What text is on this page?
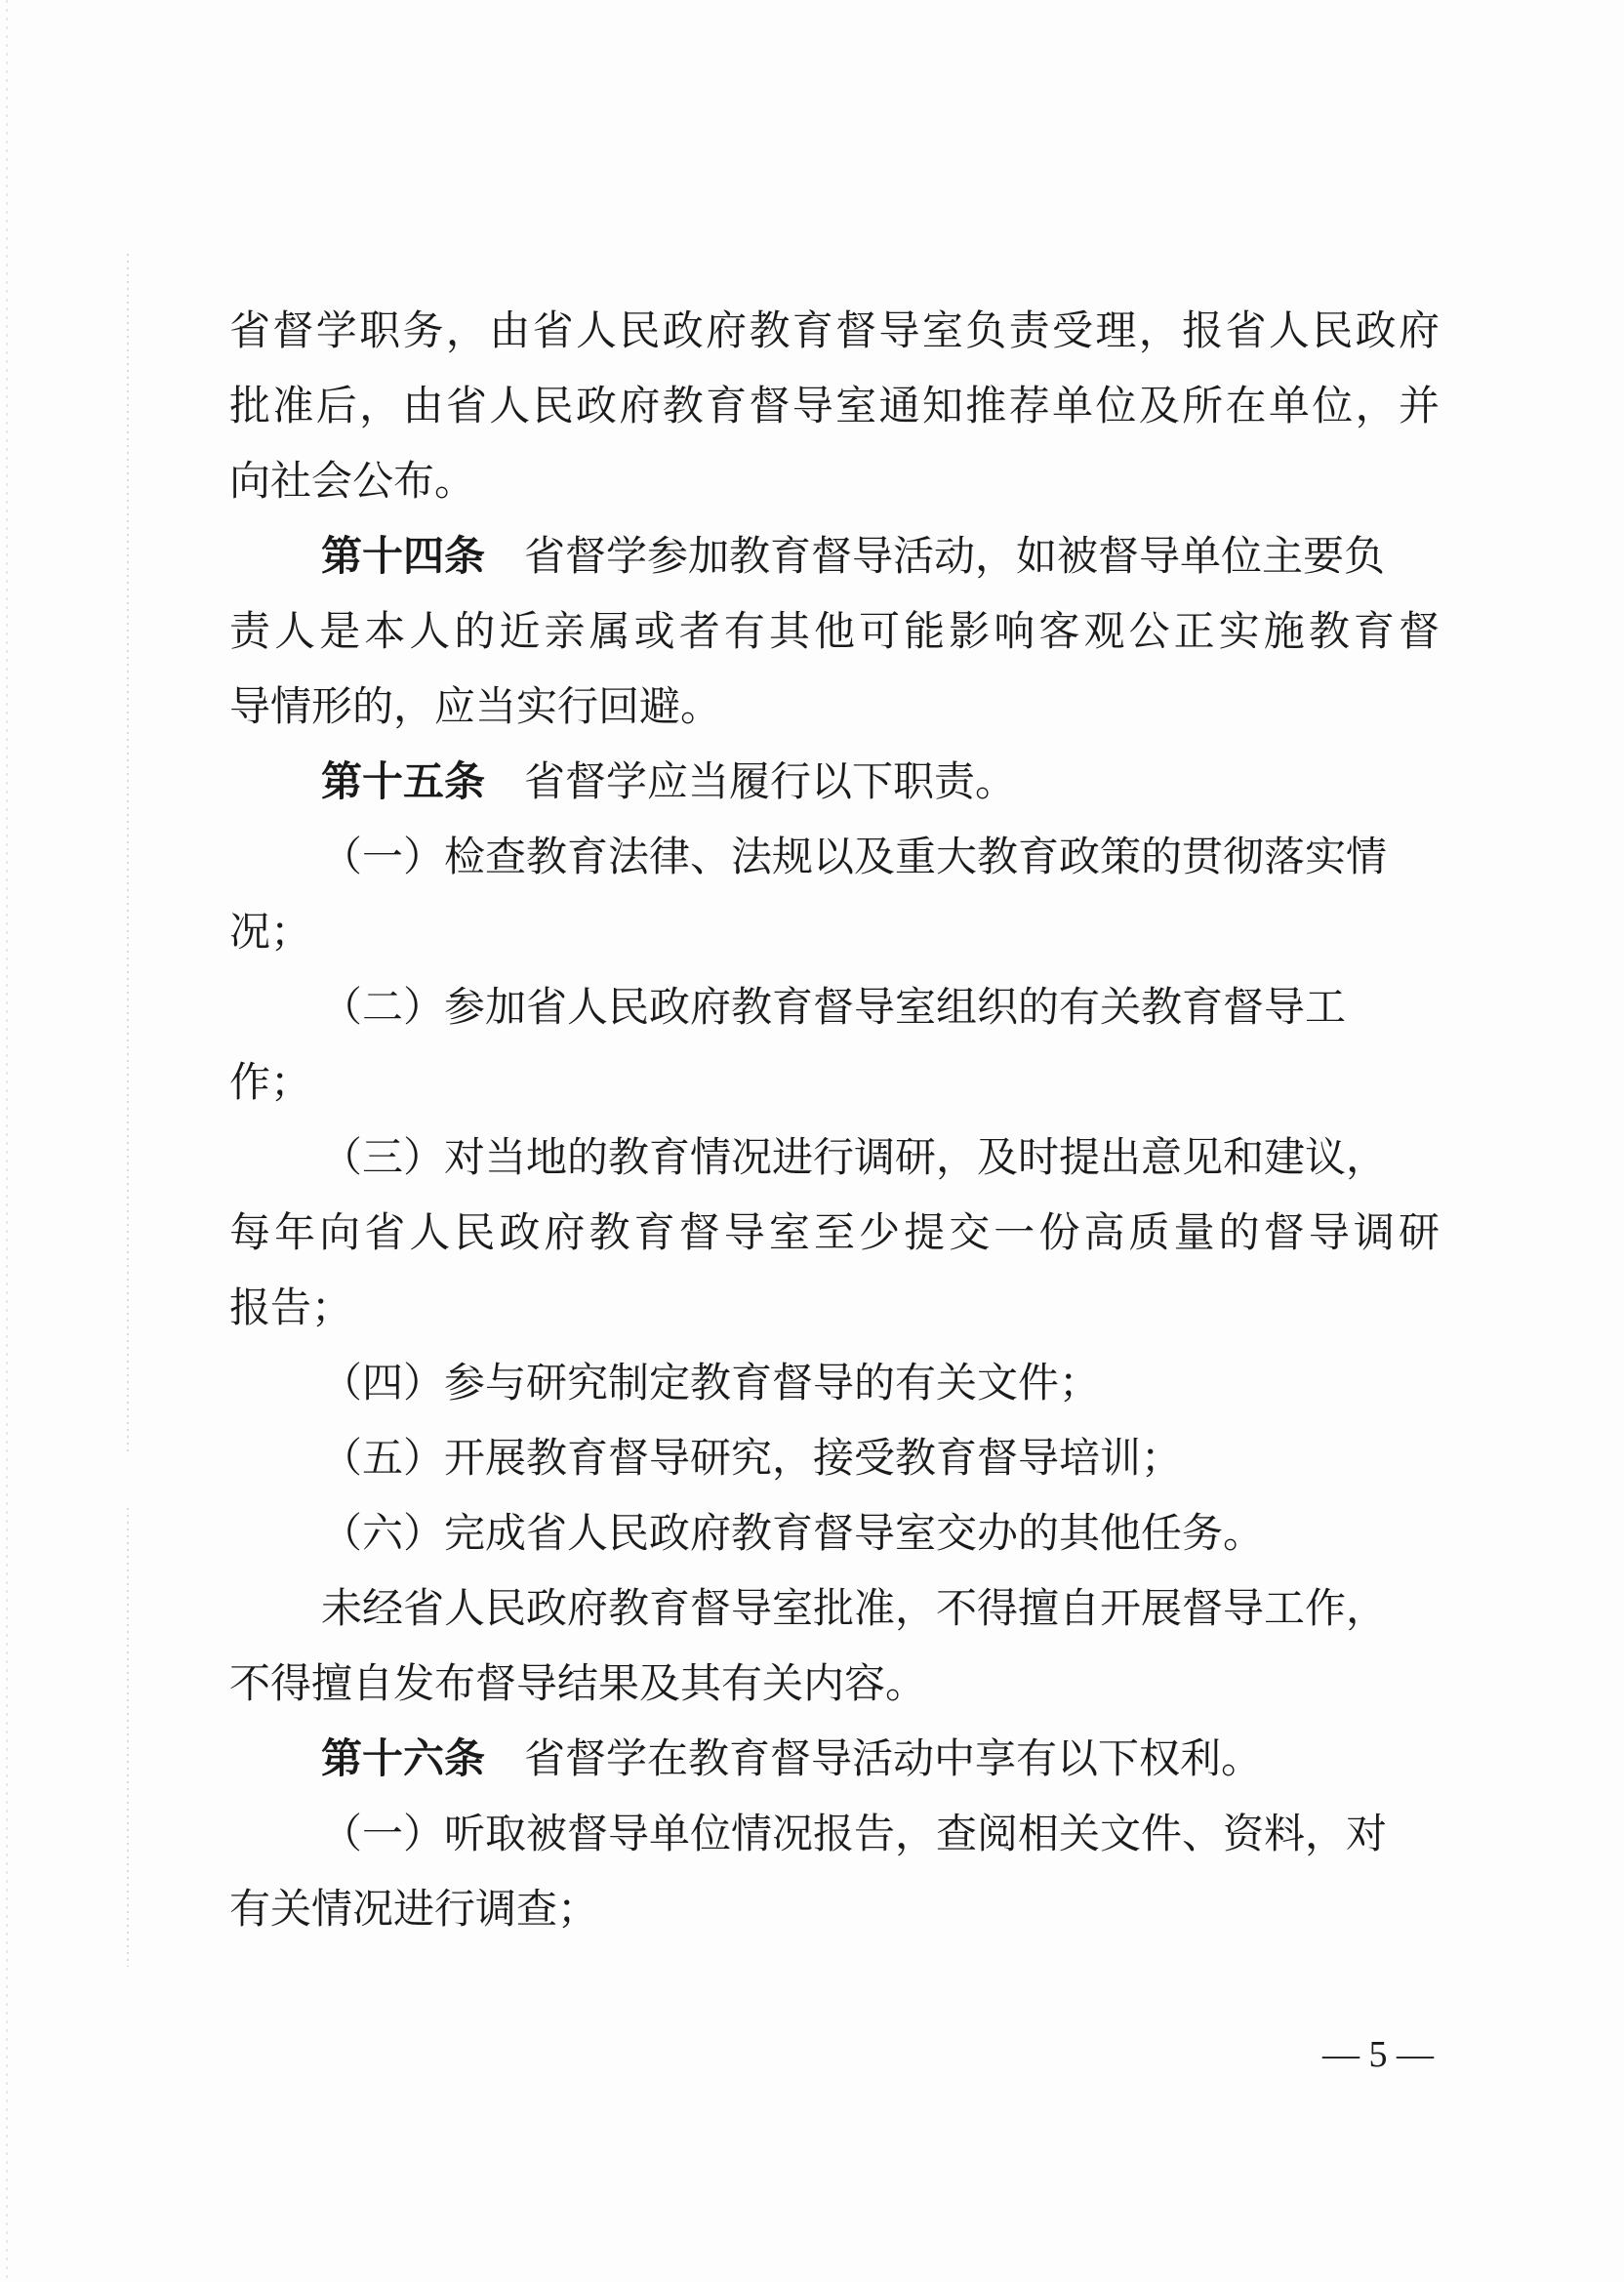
省督学职务，由省人民政府教育督导室负责受理，报省人民政府
批准后，由省人民政府教育督导室通知推荐单位及所在单位，并
向社会公布。
第十四条 省督学参加教育督导活动，如被督导单位主要负
责人是本人的近亲属或者有其他可能影响客观公正实施教育督
导情形的，应当实行回避。
第十五条 省督学应当履行以下职责。
（一）检查教育法律、法规以及重大教育政策的贯彻落实情
况；
（二）参加省人民政府教育督导室组织的有关教育督导工
作；
（三）对当地的教育情况进行调研，及时提出意见和建议，
每年向省人民政府教育督导室至少提交一份高质量的督导调研
报告；
（四）参与研究制定教育督导的有关文件；
（五）开展教育督导研究，接受教育督导培训；
（六）完成省人民政府教育督导室交办的其他任务。
未经省人民政府教育督导室批准，不得擅自开展督导工作，
不得擅自发布督导结果及其有关内容。
第十六条 省督学在教育督导活动中享有以下权利。
（一）听取被督导单位情况报告，查阅相关文件、资料，对
有关情况进行调查；
— 5 —
